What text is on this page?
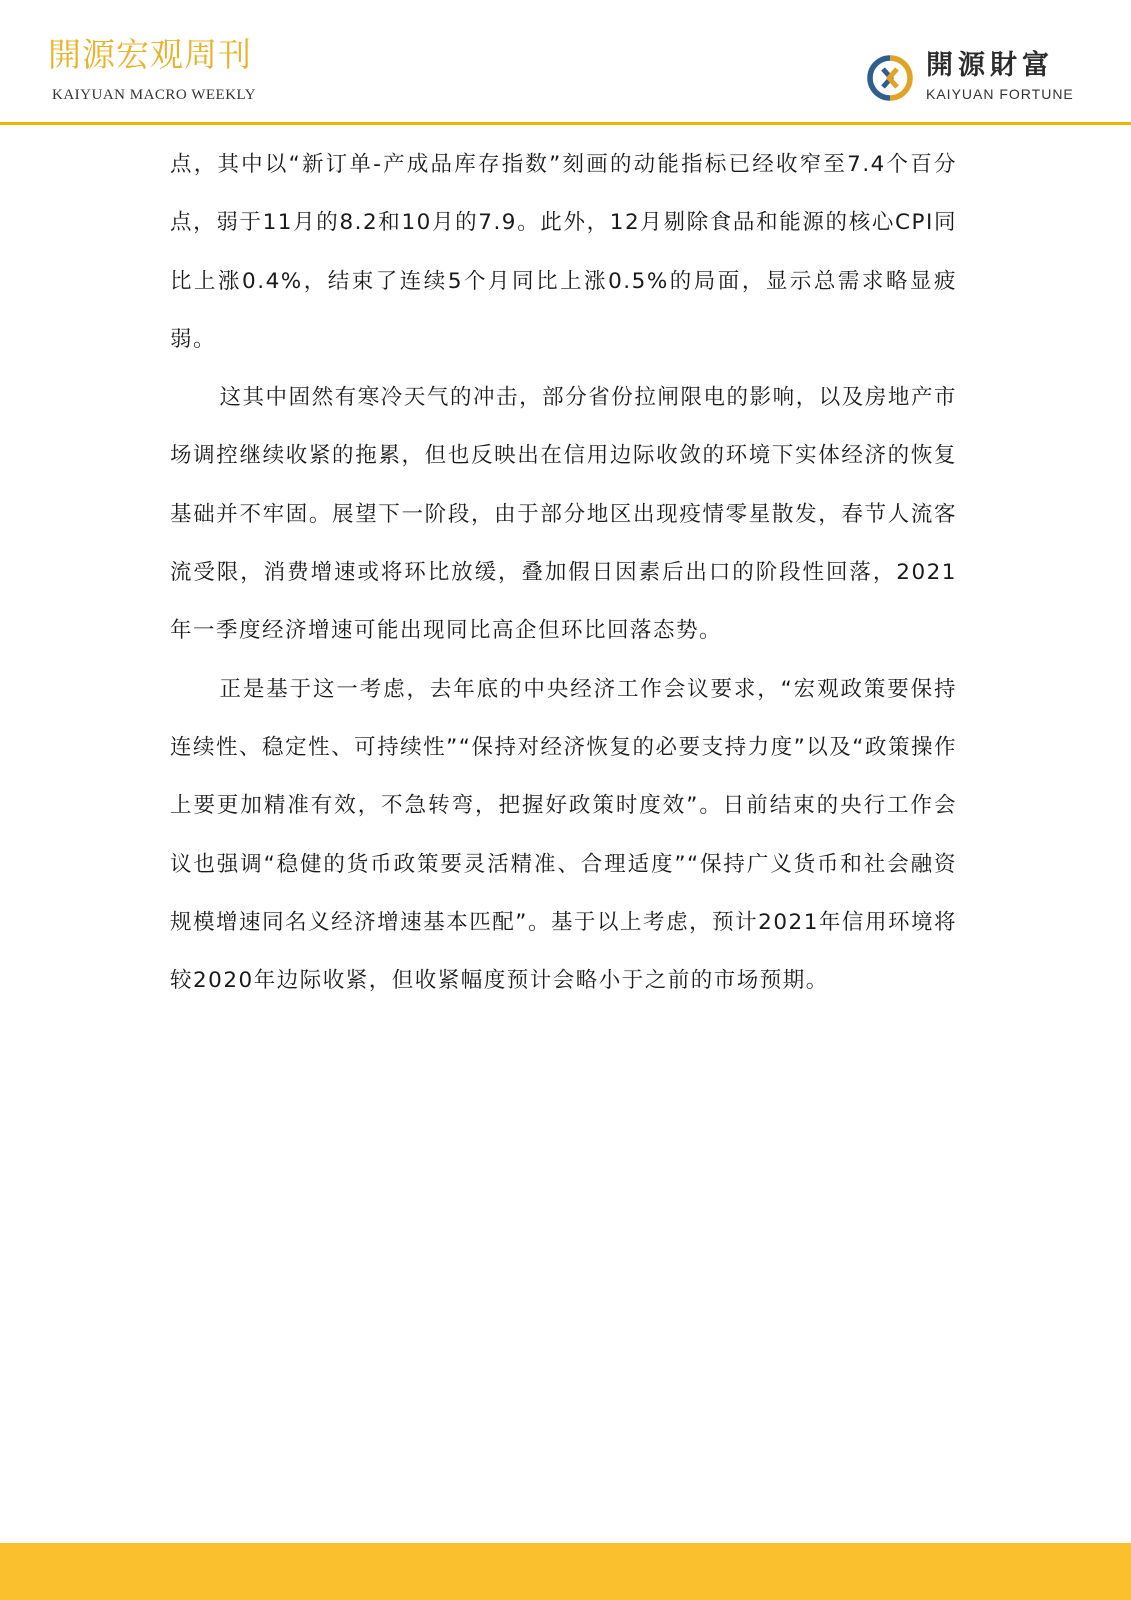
開源宏观周刊
KAIYUAN MACRO WEEKLY
開源財富
KAIYUAN FORTUNE

点，其中以“新订单-产成品库存指数”刻画的动能指标已经收窄至7.4个百分点，弱于11月的8.2和10月的7.9。此外，12月剔除食品和能源的核心CPI同比上涨0.4%，结束了连续5个月同比上涨0.5%的局面，显示总需求略显疲弱。

这其中固然有寒冷天气的冲击，部分省份拉闸限电的影响，以及房地产市场调控继续收紧的拖累，但也反映出在信用边际收敛的环境下实体经济的恢复基础并不牢固。展望下一阶段，由于部分地区出现疫情零星散发，春节人流客流受限，消费增速或将环比放缓，叠加假日因素后出口的阶段性回落，2021年一季度经济增速可能出现同比高企但环比回落态势。

正是基于这一考虑，去年底的中央经济工作会议要求，“宏观政策要保持连续性、稳定性、可持续性”“保持对经济恢复的必要支持力度”以及“政策操作上要更加精准有效，不急转弯，把握好政策时度效”。日前结束的央行工作会议也强调“稳健的货币政策要灵活精准、合理适度”“保持广义货币和社会融资规模增速同名义经济增速基本匹配”。基于以上考虑，预计2021年信用环境将较2020年边际收紧，但收紧幅度预计会略小于之前的市场预期。
